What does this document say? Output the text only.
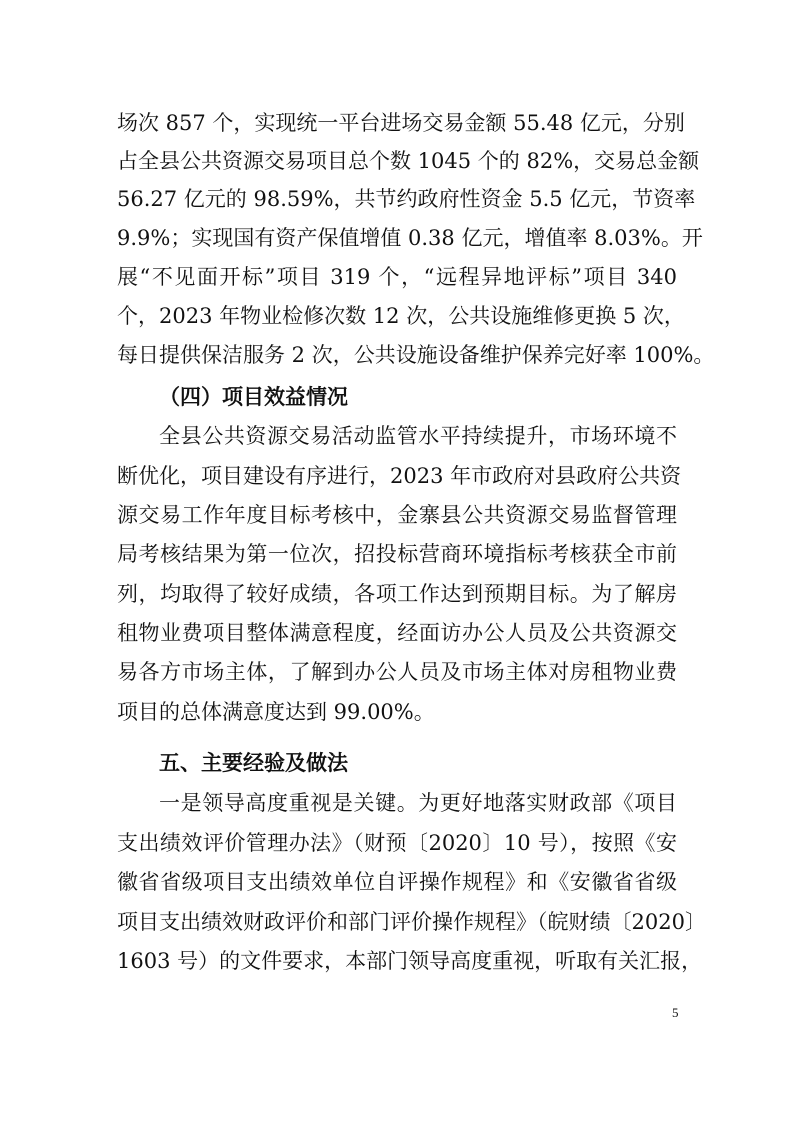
场次 857 个，实现统一平台进场交易金额 55.48 亿元，分别
占全县公共资源交易项目总个数 1045 个的 82%，交易总金额
56.27 亿元的 98.59%，共节约政府性资金 5.5 亿元，节资率
9.9%；实现国有资产保值增值 0.38 亿元，增值率 8.03%。开
展“不见面开标”项目 319 个，“远程异地评标”项目 340
个，2023 年物业检修次数 12 次，公共设施维修更换 5 次，
每日提供保洁服务 2 次，公共设施设备维护保养完好率 100%。
（四）项目效益情况
全县公共资源交易活动监管水平持续提升，市场环境不
断优化，项目建设有序进行，2023 年市政府对县政府公共资
源交易工作年度目标考核中，金寨县公共资源交易监督管理
局考核结果为第一位次，招投标营商环境指标考核获全市前
列，均取得了较好成绩，各项工作达到预期目标。为了解房
租物业费项目整体满意程度，经面访办公人员及公共资源交
易各方市场主体，了解到办公人员及市场主体对房租物业费
项目的总体满意度达到 99.00%。
五、主要经验及做法
一是领导高度重视是关键。为更好地落实财政部《项目
支出绩效评价管理办法》（财预〔2020〕10 号），按照《安
徽省省级项目支出绩效单位自评操作规程》和《安徽省省级
项目支出绩效财政评价和部门评价操作规程》（皖财绩〔2020〕
1603 号）的文件要求，本部门领导高度重视，听取有关汇报，
5
